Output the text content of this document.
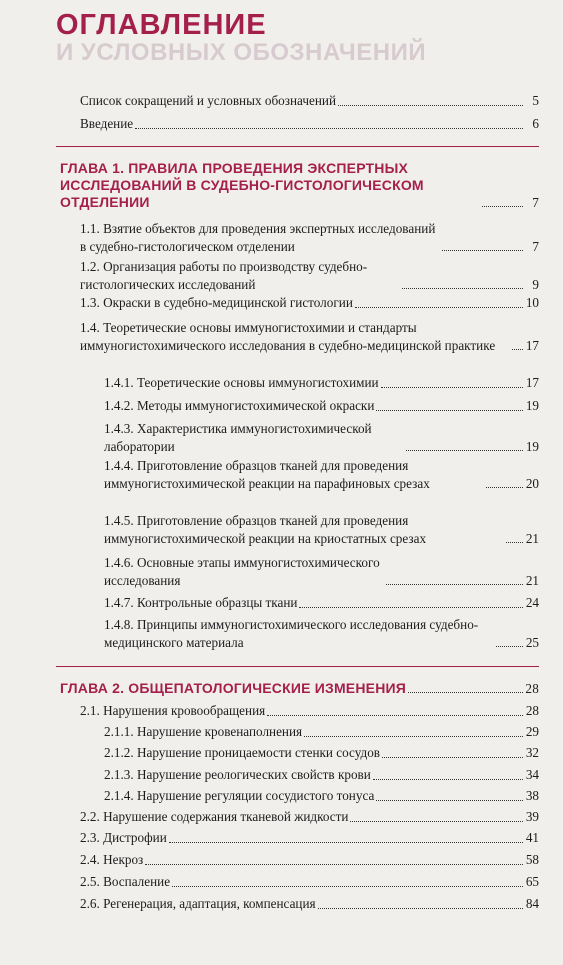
ОГЛАВЛЕНИЕ
И УСЛОВНЫХ ОБОЗНАЧЕНИЙ
Список сокращений и условных обозначений	5
Введение	6
ГЛАВА 1. ПРАВИЛА ПРОВЕДЕНИЯ ЭКСПЕРТНЫХ ИССЛЕДОВАНИЙ В СУДЕБНО-ГИСТОЛОГИЧЕСКОМ ОТДЕЛЕНИИ	7
1.1. Взятие объектов для проведения экспертных исследований в судебно-гистологическом отделении	7
1.2. Организация работы по производству судебно-гистологических исследований	9
1.3. Окраски в судебно-медицинской гистологии	10
1.4. Теоретические основы иммуногистохимии и стандарты иммуногистохимического исследования в судебно-медицинской практике	17
1.4.1. Теоретические основы иммуногистохимии	17
1.4.2. Методы иммуногистохимической окраски	19
1.4.3. Характеристика иммуногистохимической лаборатории	19
1.4.4. Приготовление образцов тканей для проведения иммуногистохимической реакции на парафиновых срезах	20
1.4.5. Приготовление образцов тканей для проведения иммуногистохимической реакции на криостатных срезах	21
1.4.6. Основные этапы иммуногистохимического исследования	21
1.4.7. Контрольные образцы ткани	24
1.4.8. Принципы иммуногистохимического исследования судебно-медицинского материала	25
ГЛАВА 2. ОБЩЕПАТОЛОГИЧЕСКИЕ ИЗМЕНЕНИЯ	28
2.1. Нарушения кровообращения	28
2.1.1. Нарушение кровенаполнения	29
2.1.2. Нарушение проницаемости стенки сосудов	32
2.1.3. Нарушение реологических свойств крови	34
2.1.4. Нарушение регуляции сосудистого тонуса	38
2.2. Нарушение содержания тканевой жидкости	39
2.3. Дистрофии	41
2.4. Некроз	58
2.5. Воспаление	65
2.6. Регенерация, адаптация, компенсация	84
